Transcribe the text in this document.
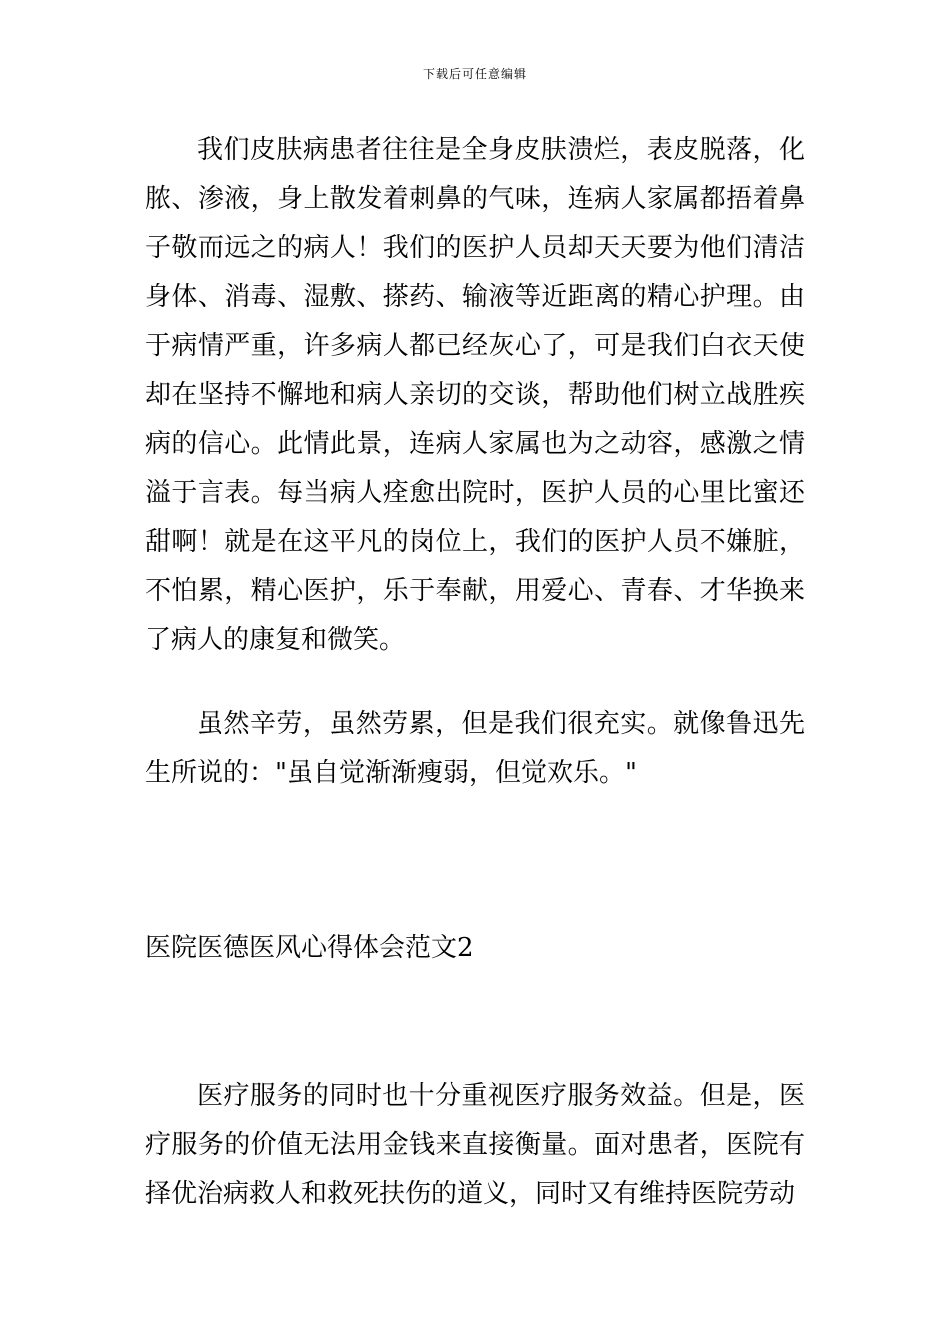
下载后可任意编辑

我们皮肤病患者往往是全身皮肤溃烂，表皮脱落，化脓、渗液，身上散发着刺鼻的气味，连病人家属都捂着鼻子敬而远之的病人！我们的医护人员却天天要为他们清洁身体、消毒、湿敷、搽药、输液等近距离的精心护理。由于病情严重，许多病人都已经灰心了，可是我们白衣天使却在坚持不懈地和病人亲切的交谈，帮助他们树立战胜疾病的信心。此情此景，连病人家属也为之动容，感激之情溢于言表。每当病人痊愈出院时，医护人员的心里比蜜还甜啊！就是在这平凡的岗位上，我们的医护人员不嫌脏，不怕累，精心医护，乐于奉献，用爱心、青春、才华换来了病人的康复和微笑。

虽然辛劳，虽然劳累，但是我们很充实。就像鲁迅先生所说的："虽自觉渐渐瘦弱，但觉欢乐。"

医院医德医风心得体会范文2

医疗服务的同时也十分重视医疗服务效益。但是，医疗服务的价值无法用金钱来直接衡量。面对患者，医院有择优治病救人和救死扶伤的道义，同时又有维持医院劳动
